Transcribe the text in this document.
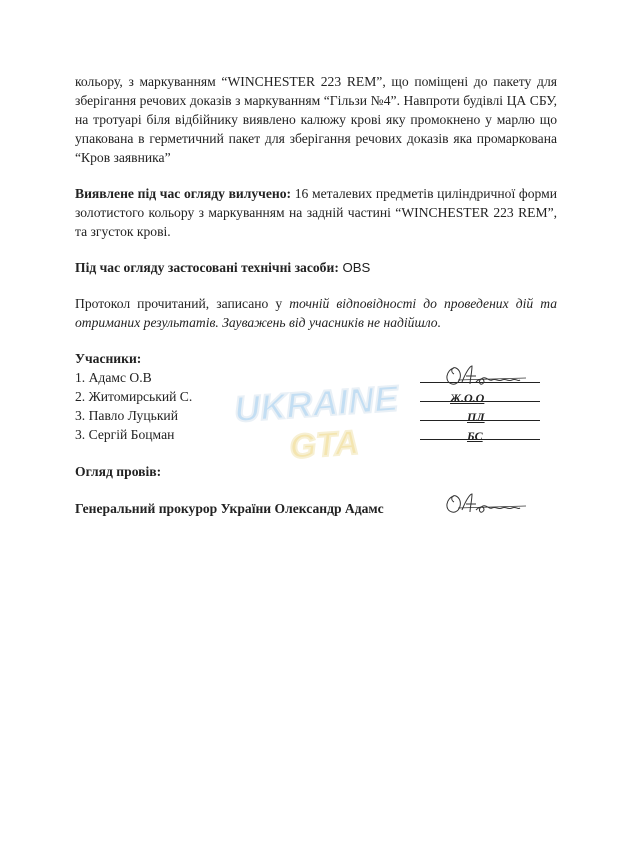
кольору, з маркуванням “WINCHESTER 223 REM”, що поміщені до пакету для зберігання речових доказів з маркуванням “Гільзи №4”. Навпроти будівлі ЦА СБУ, на тротуарі біля відбійнику виявлено калюжу крові яку промокнено у марлю що упакована в герметичний пакет для зберігання речових доказів яка промаркована “Кров заявника”

Виявлене під час огляду вилучено: 16 металевих предметів циліндричної форми золотистого кольору з маркуванням на задній частині “WINCHESTER 223 REM”, та згусток крові.

Під час огляду застосовані технічні засоби: OBS

Протокол прочитаний, записано у точній відповідності до проведених дій та отриманих результатів. Зауважень від учасників не надійшло.

Учасники:
1. Адамс О.В
2. Житомирський С.	Ж.О.О
3. Павло Луцький	ПЛ
3. Сергій Боцман	БС
Огляд провів:
Генеральний прокурор України Олександр Адамс
UKRAINE
GTA
